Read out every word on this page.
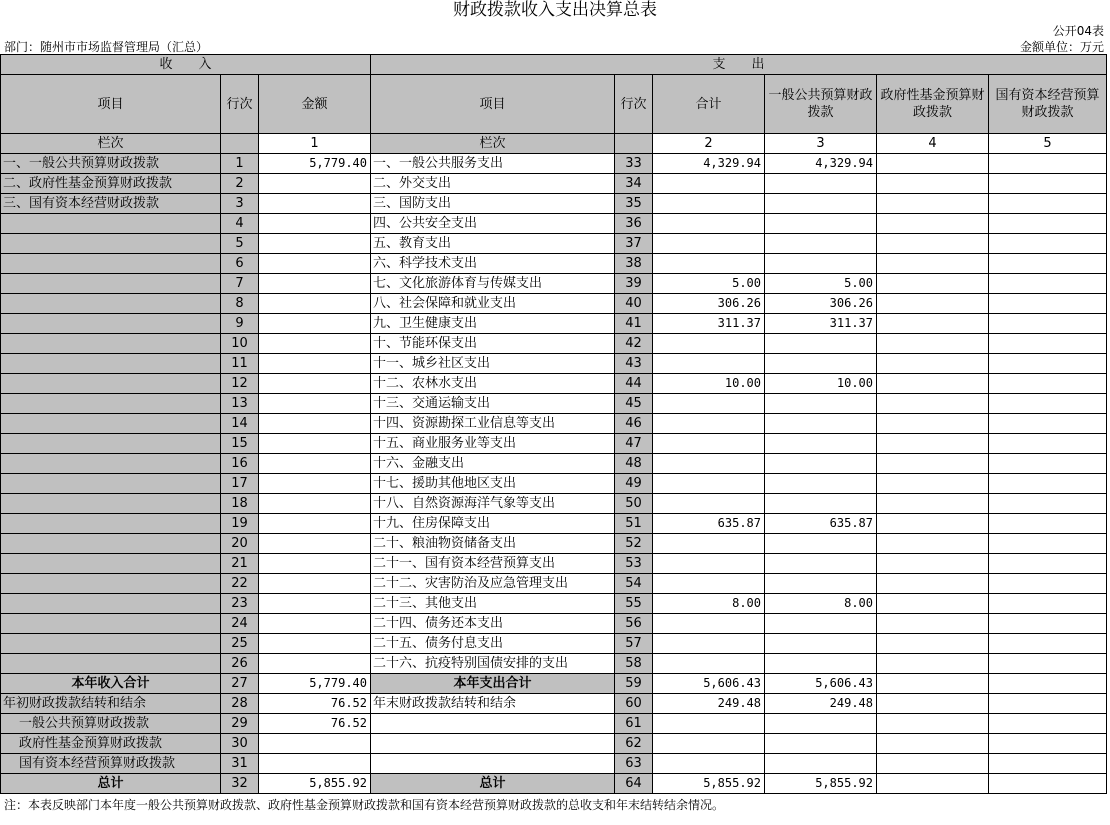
财政拨款收入支出决算总表
公开04表
部门：随州市市场监督管理局（汇总）	金额单位：万元
收　　入			支　　出					
项目	行次	金额	项目	行次	合计	一般公共预算财政拨款	政府性基金预算财政拨款	国有资本经营预算财政拨款
栏次		1	栏次		2	3	4	5
一、一般公共预算财政拨款	1	5,779.40	一、一般公共服务支出	33	4,329.94	4,329.94		
二、政府性基金预算财政拨款	2		二、外交支出	34				
三、国有资本经营财政拨款	3		三、国防支出	35				
	4		四、公共安全支出	36				
	5		五、教育支出	37				
	6		六、科学技术支出	38				
	7		七、文化旅游体育与传媒支出	39	5.00	5.00		
	8		八、社会保障和就业支出	40	306.26	306.26		
	9		九、卫生健康支出	41	311.37	311.37		
	10		十、节能环保支出	42				
	11		十一、城乡社区支出	43				
	12		十二、农林水支出	44	10.00	10.00		
	13		十三、交通运输支出	45				
	14		十四、资源勘探工业信息等支出	46				
	15		十五、商业服务业等支出	47				
	16		十六、金融支出	48				
	17		十七、援助其他地区支出	49				
	18		十八、自然资源海洋气象等支出	50				
	19		十九、住房保障支出	51	635.87	635.87		
	20		二十、粮油物资储备支出	52				
	21		二十一、国有资本经营预算支出	53				
	22		二十二、灾害防治及应急管理支出	54				
	23		二十三、其他支出	55	8.00	8.00		
	24		二十四、债务还本支出	56				
	25		二十五、债务付息支出	57				
	26		二十六、抗疫特别国债安排的支出	58				
本年收入合计	27	5,779.40	本年支出合计	59	5,606.43	5,606.43		
年初财政拨款结转和结余	28	76.52	年末财政拨款结转和结余	60	249.48	249.48		
一般公共预算财政拨款	29	76.52		61				
政府性基金预算财政拨款	30			62				
国有资本经营预算财政拨款	31			63				
总计	32	5,855.92	总计	64	5,855.92	5,855.92		
注：本表反映部门本年度一般公共预算财政拨款、政府性基金预算财政拨款和国有资本经营预算财政拨款的总收支和年末结转结余情况。
